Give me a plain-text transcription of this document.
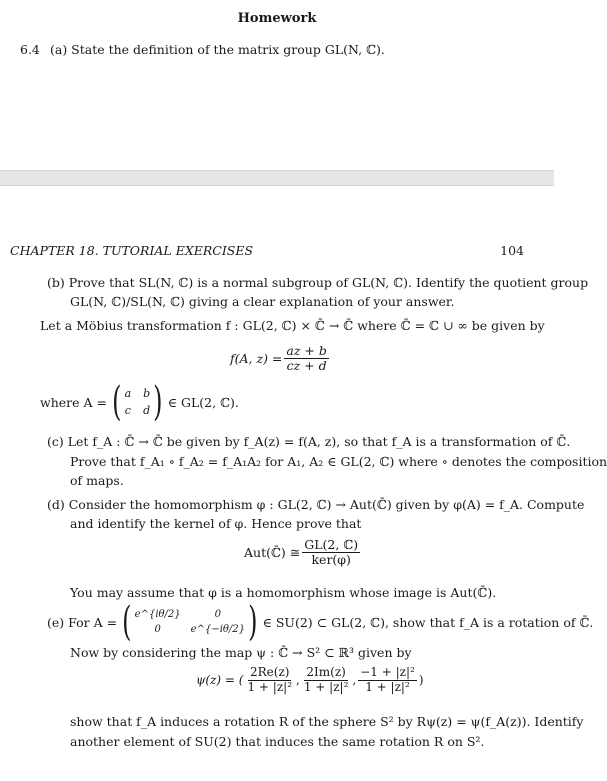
Homework
6.4 (a) State the definition of the matrix group GL(N, ℂ).
CHAPTER 18. TUTORIAL EXERCISES	104
(b) Prove that SL(N, ℂ) is a normal subgroup of GL(N, ℂ). Identify the quotient group
GL(N, ℂ)/SL(N, ℂ) giving a clear explanation of your answer.
Let a Möbius transformation f : GL(2, ℂ) × ℂ̄ → ℂ̄ where ℂ̄ = ℂ ∪ ∞ be given by
f(A, $z) = \frac{az + b}{cz + d}$
where A = ( a b
c d ) ∈ GL(2, ℂ).
(c) Let f_A : ℂ̄ → ℂ̄ be given by f_A(z) = f(A, z), so that f_A is a transformation of ℂ̄.
Prove that f_A₁ ∘ f_A₂ = f_A₁A₂ for A₁, A₂ ∈ GL(2, ℂ) where ∘ denotes the composition
of maps.
(d) Consider the homomorphism φ : GL(2, ℂ) → Aut(ℂ̄) given by φ(A) = f_A. Compute
and identify the kernel of φ. Hence prove that
Aut(ℂ̄) ≅ $\frac{\text{GL(2, ℂ)}}{\text{ker(φ)}}$
You may assume that φ is a homomorphism whose image is Aut(ℂ̄).
(e) For A = ( e^{iθ/2}	0
0	e^{−iθ/2} ) ∈ SU(2) ⊂ GL(2, ℂ), show that f_A is a rotation of ℂ̄.
Now by considering the map ψ : ℂ̄ → S² ⊂ ℝ³ given by
ψ(z) = ( $\frac{2Re(z)}{\text{1 + |z|²}}$ , $\frac{2Im(z)}{\text{1 + |z|²}}$ , $\frac{\text{−1 + |z|²}}{\text{1 + |z|²}}$ )
show that f_A induces a rotation R of the sphere S² by Rψ(z) = ψ(f_A(z)). Identify
another element of SU(2) that induces the same rotation R on S².
